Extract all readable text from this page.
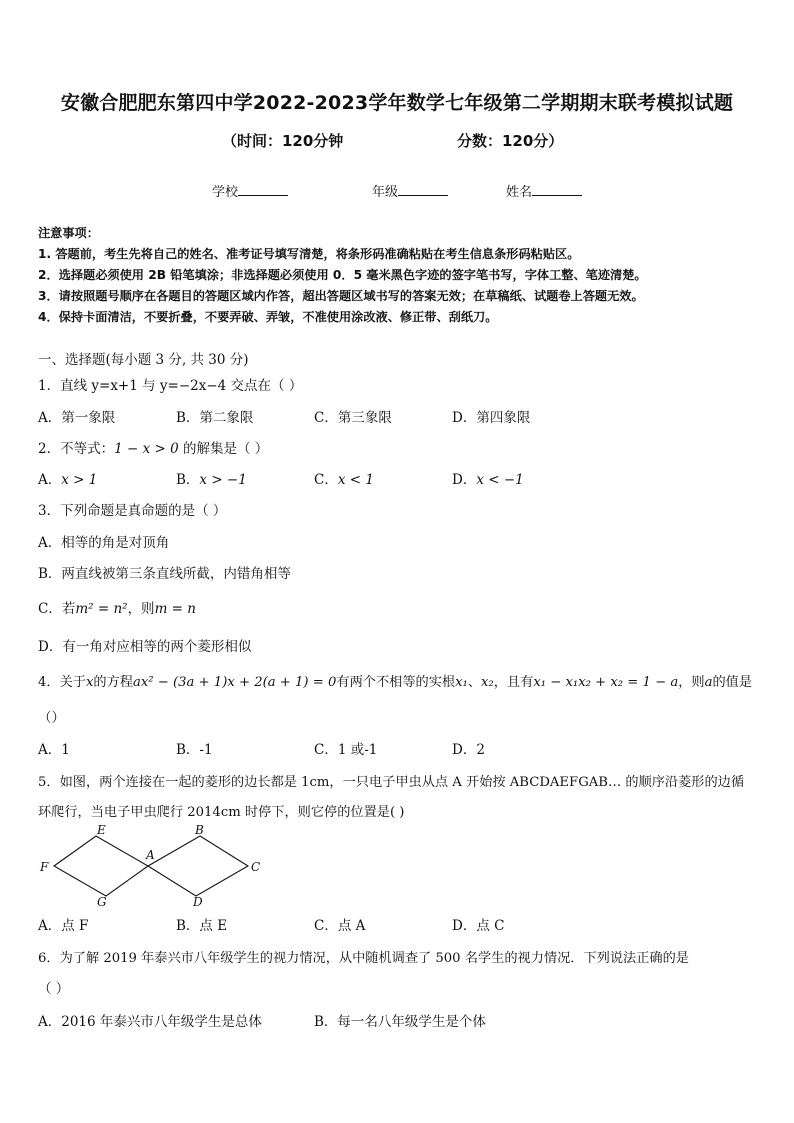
安徽合肥肥东第四中学2022-2023学年数学七年级第二学期期末联考模拟试题
（时间：120分钟	分数：120分）
学校	年级	姓名
注意事项：
1. 答题前，考生先将自己的姓名、准考证号填写清楚，将条形码准确粘贴在考生信息条形码粘贴区。
2．选择题必须使用 2B 铅笔填涂；非选择题必须使用 0．5 毫米黑色字迹的签字笔书写，字体工整、笔迹清楚。
3．请按照题号顺序在各题目的答题区域内作答，超出答题区域书写的答案无效；在草稿纸、试题卷上答题无效。
4．保持卡面清洁，不要折叠，不要弄破、弄皱，不准使用涂改液、修正带、刮纸刀。
一、选择题(每小题 3 分, 共 30 分)
1．直线 y=x+1 与 y=−2x−4 交点在（ ）
A．第一象限	B．第二象限	C．第三象限	D．第四象限
2．不等式：1 − x > 0 的解集是（ ）
A．x > 1	B．x > −1	C．x < 1	D．x < −1
3．下列命题是真命题的是（ ）
A．相等的角是对顶角
B．两直线被第三条直线所截，内错角相等
C．若m² = n²，则m = n
D．有一角对应相等的两个菱形相似
4．关于x的方程ax² − (3a + 1)x + 2(a + 1) = 0有两个不相等的实根x₁、x₂，且有x₁ − x₁x₂ + x₂ = 1 − a，则a的值是
（）
A．1	B．-1	C．1 或-1	D．2
5．如图，两个连接在一起的菱形的边长都是 1cm，一只电子甲虫从点 A 开始按 ABCDAEFGAB… 的顺序沿菱形的边循
环爬行，当电子甲虫爬行 2014cm 时停下，则它停的位置是( )
E	B
F
A
C
G	D
A．点 F	B．点 E	C．点 A	D．点 C
6．为了解 2019 年泰兴市八年级学生的视力情况，从中随机调查了 500 名学生的视力情况．下列说法正确的是
（ ）
A．2016 年泰兴市八年级学生是总体	B．每一名八年级学生是个体
